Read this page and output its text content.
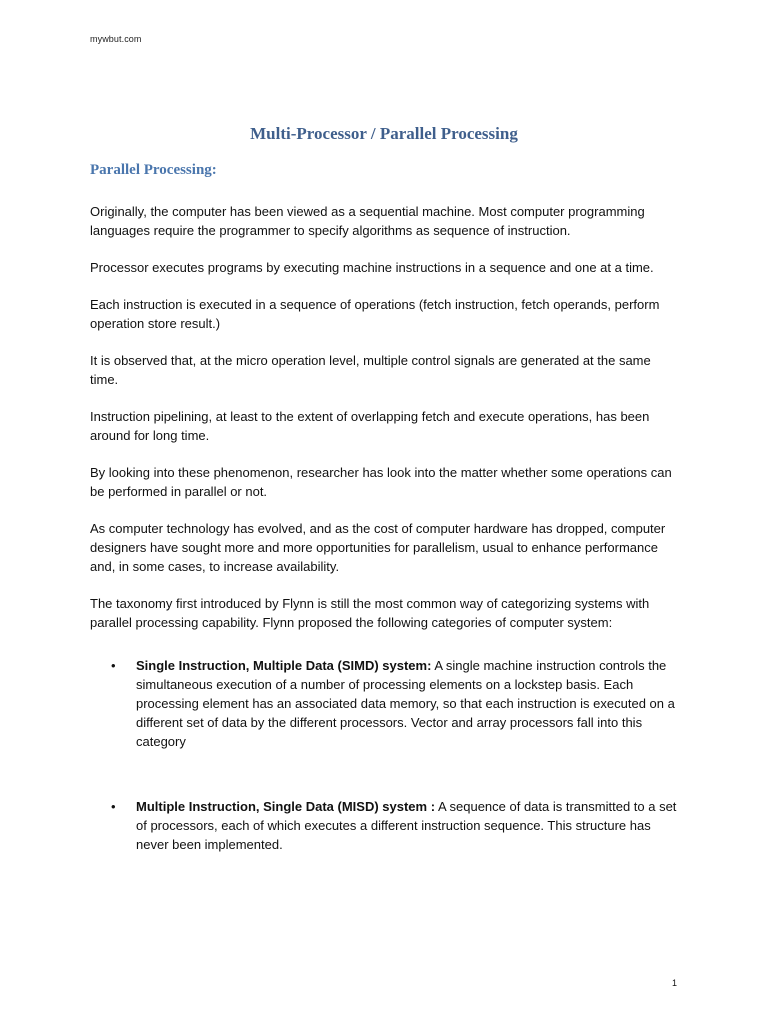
mywbut.com
Multi-Processor / Parallel Processing
Parallel Processing:

Originally, the computer has been viewed as a sequential machine. Most computer programming languages require the programmer to specify algorithms as sequence of instruction.

Processor executes programs by executing machine instructions in a sequence and one at a time.

Each instruction is executed in a sequence of operations (fetch instruction, fetch operands, perform operation store result.)

It is observed that, at the micro operation level, multiple control signals are generated at the same time.

Instruction pipelining, at least to the extent of overlapping fetch and execute operations, has been around for long time.

By looking into these phenomenon, researcher has look into the matter whether some operations can be performed in parallel or not.

As computer technology has evolved, and as the cost of computer hardware has dropped, computer designers have sought more and more opportunities for parallelism, usual to enhance performance and, in some cases, to increase availability.

The taxonomy first introduced by Flynn is still the most common way of categorizing systems with parallel processing capability. Flynn proposed the following categories of computer system:

• Single Instruction, Multiple Data (SIMD) system: A single machine instruction controls the simultaneous execution of a number of processing elements on a lockstep basis. Each processing element has an associated data memory, so that each instruction is executed on a different set of data by the different processors. Vector and array processors fall into this category
• Multiple Instruction, Single Data (MISD) system : A sequence of data is transmitted to a set of processors, each of which executes a different instruction sequence. This structure has never been implemented.
1
